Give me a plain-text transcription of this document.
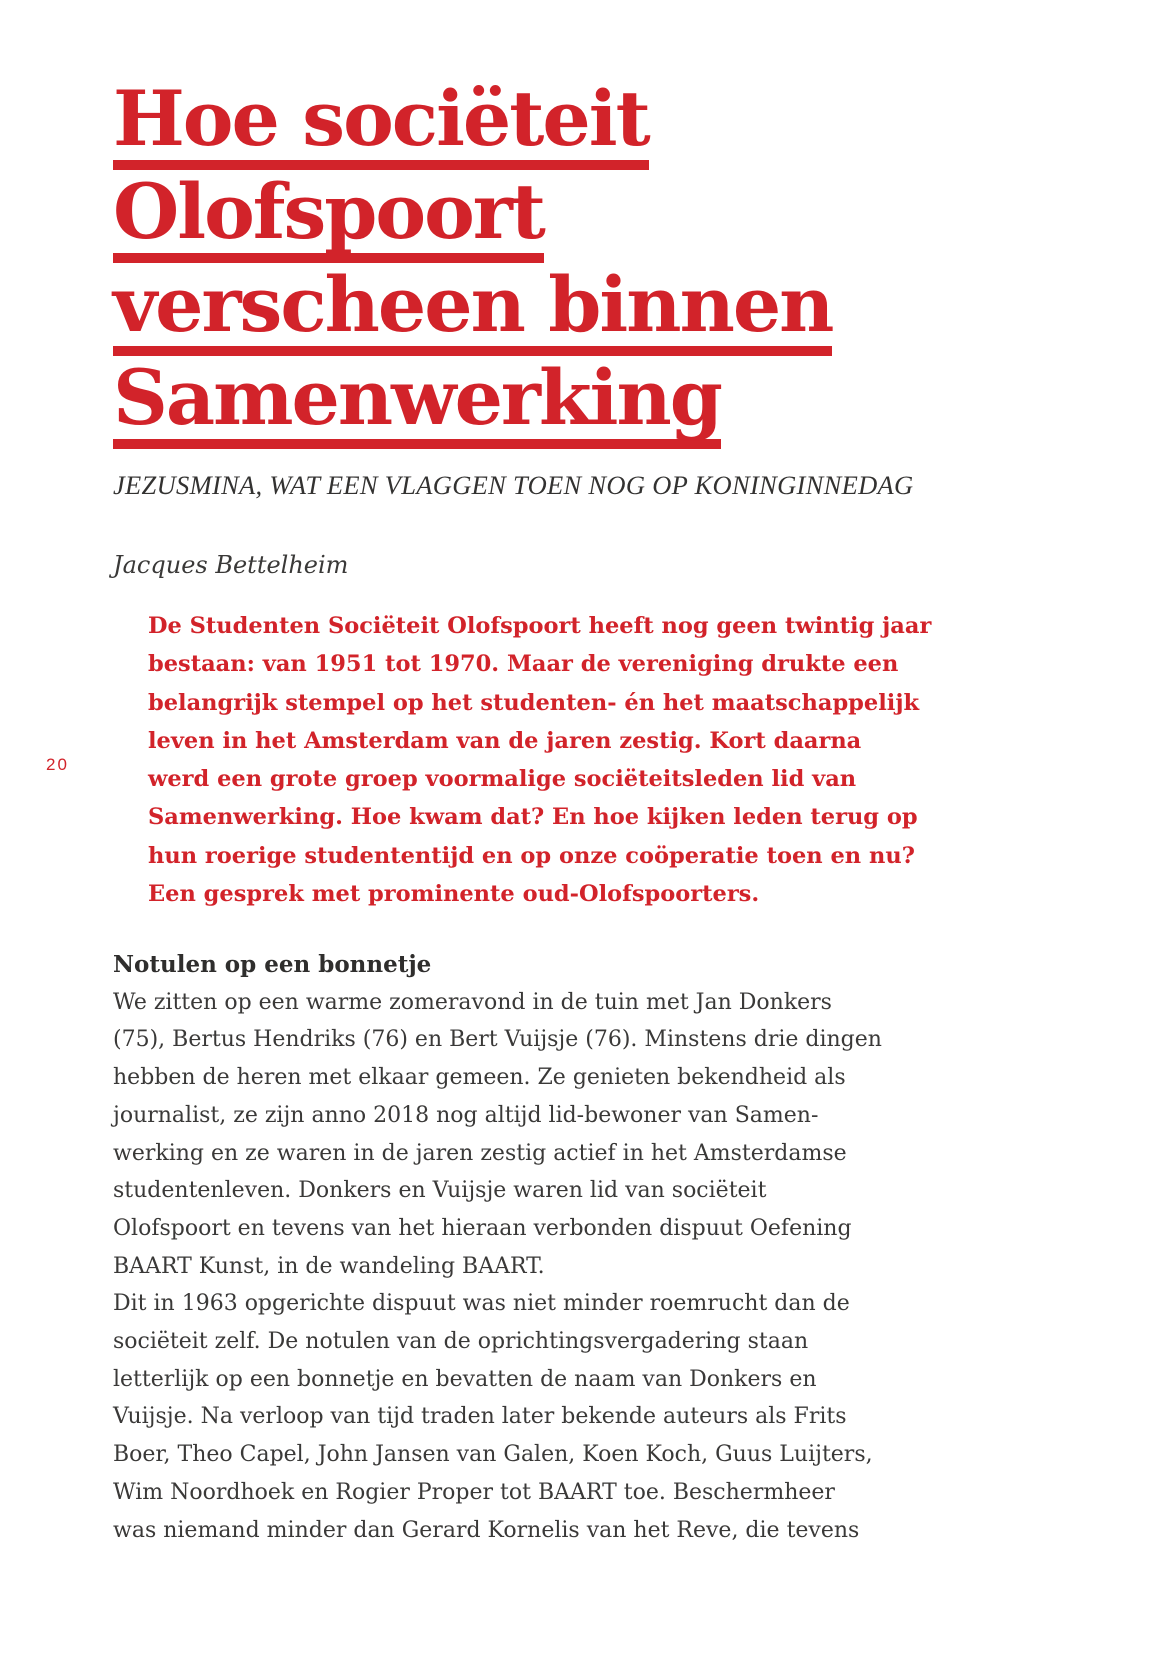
20
Hoe sociëteit
Olofspoort
verscheen binnen
Samenwerking
JEZUSMINA, WAT EEN VLAGGEN TOEN NOG OP KONINGINNEDAG
Jacques Bettelheim
De Studenten Sociëteit Olofspoort heeft nog geen twintig jaar
bestaan: van 1951 tot 1970. Maar de vereniging drukte een
belangrijk stempel op het studenten- én het maatschappelijk
leven in het Amsterdam van de jaren zestig. Kort daarna
werd een grote groep voormalige sociëteitsleden lid van
Samenwerking. Hoe kwam dat? En hoe kijken leden terug op
hun roerige studententijd en op onze coöperatie toen en nu?
Een gesprek met prominente oud-Olofspoorters.
Notulen op een bonnetje
We zitten op een warme zomeravond in de tuin met Jan Donkers
(75), Bertus Hendriks (76) en Bert Vuijsje (76). Minstens drie dingen
hebben de heren met elkaar gemeen. Ze genieten bekendheid als
journalist, ze zijn anno 2018 nog altijd lid-bewoner van Samen-
werking en ze waren in de jaren zestig actief in het Amsterdamse
studentenleven. Donkers en Vuijsje waren lid van sociëteit
Olofspoort en tevens van het hieraan verbonden dispuut Oefening
BAART Kunst, in de wandeling BAART.
Dit in 1963 opgerichte dispuut was niet minder roemrucht dan de
sociëteit zelf. De notulen van de oprichtingsvergadering staan
letterlijk op een bonnetje en bevatten de naam van Donkers en
Vuijsje. Na verloop van tijd traden later bekende auteurs als Frits
Boer, Theo Capel, John Jansen van Galen, Koen Koch, Guus Luijters,
Wim Noordhoek en Rogier Proper tot BAART toe. Beschermheer
was niemand minder dan Gerard Kornelis van het Reve, die tevens
